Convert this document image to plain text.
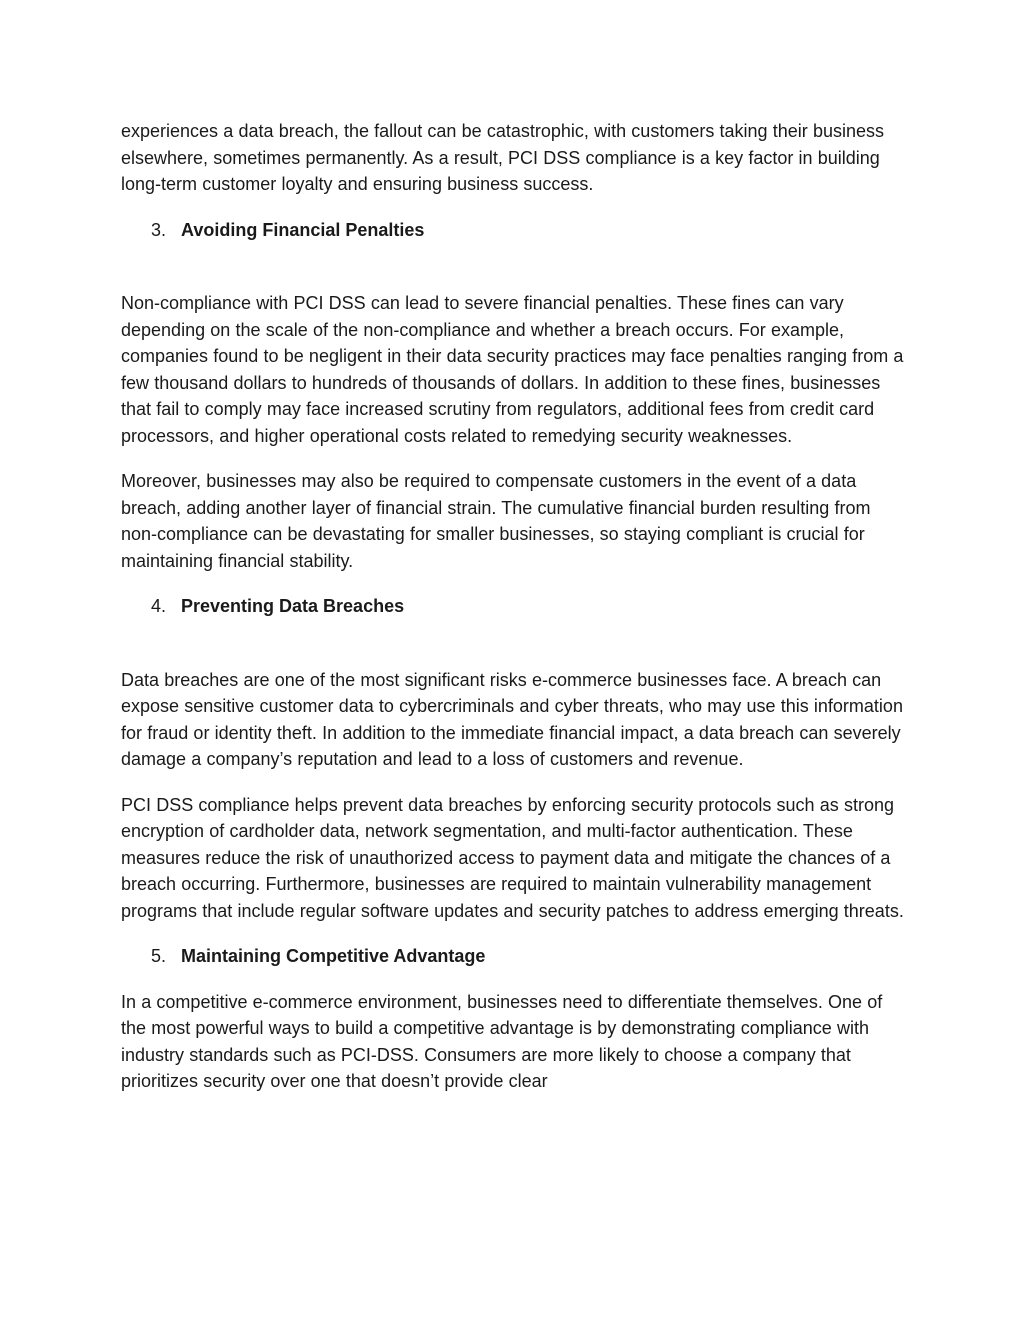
experiences a data breach, the fallout can be catastrophic, with customers taking their business elsewhere, sometimes permanently. As a result, PCI DSS compliance is a key factor in building long-term customer loyalty and ensuring business success.

3. Avoiding Financial Penalties

Non-compliance with PCI DSS can lead to severe financial penalties. These fines can vary depending on the scale of the non-compliance and whether a breach occurs. For example, companies found to be negligent in their data security practices may face penalties ranging from a few thousand dollars to hundreds of thousands of dollars. In addition to these fines, businesses that fail to comply may face increased scrutiny from regulators, additional fees from credit card processors, and higher operational costs related to remedying security weaknesses.

Moreover, businesses may also be required to compensate customers in the event of a data breach, adding another layer of financial strain. The cumulative financial burden resulting from non-compliance can be devastating for smaller businesses, so staying compliant is crucial for maintaining financial stability.

4. Preventing Data Breaches

Data breaches are one of the most significant risks e-commerce businesses face. A breach can expose sensitive customer data to cybercriminals and cyber threats, who may use this information for fraud or identity theft. In addition to the immediate financial impact, a data breach can severely damage a company’s reputation and lead to a loss of customers and revenue.

PCI DSS compliance helps prevent data breaches by enforcing security protocols such as strong encryption of cardholder data, network segmentation, and multi-factor authentication. These measures reduce the risk of unauthorized access to payment data and mitigate the chances of a breach occurring. Furthermore, businesses are required to maintain vulnerability management programs that include regular software updates and security patches to address emerging threats.

5. Maintaining Competitive Advantage

In a competitive e-commerce environment, businesses need to differentiate themselves. One of the most powerful ways to build a competitive advantage is by demonstrating compliance with industry standards such as PCI-DSS. Consumers are more likely to choose a company that prioritizes security over one that doesn’t provide clear
